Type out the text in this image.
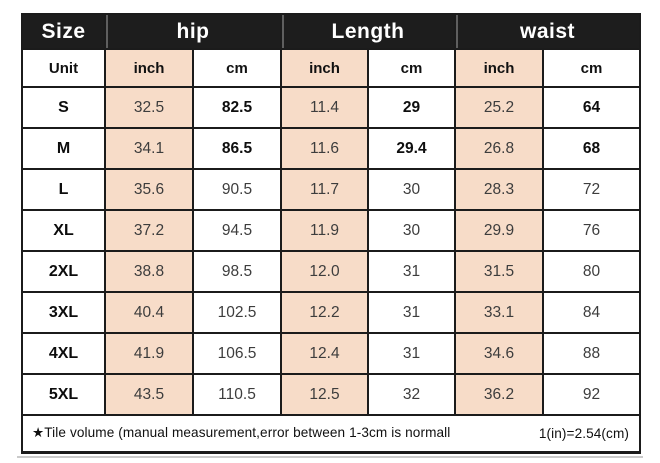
Size	hip		Length		waist	
Unit	inch	cm	inch	cm	inch	cm
S	32.5	82.5	11.4	29	25.2	64
M	34.1	86.5	11.6	29.4	26.8	68
L	35.6	90.5	11.7	30	28.3	72
XL	37.2	94.5	11.9	30	29.9	76
2XL	38.8	98.5	12.0	31	31.5	80
3XL	40.4	102.5	12.2	31	33.1	84
4XL	41.9	106.5	12.4	31	34.6	88
5XL	43.5	110.5	12.5	32	36.2	92

★Tile volume (manual measurement,error between 1-3cm is normall 1(in)=2.54(cm)						
